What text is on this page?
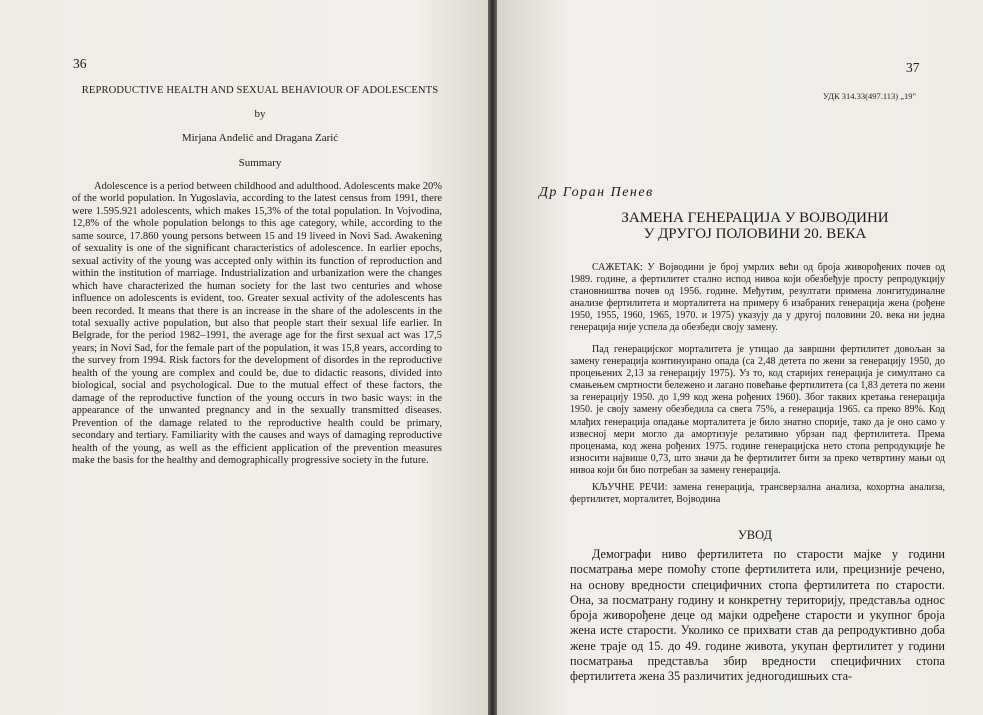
36
REPRODUCTIVE HEALTH AND SEXUAL BEHAVIOUR OF ADOLESCENTS
by
Mirjana Anđelić and Dragana Zarić
Summary

Adolescence is a period between childhood and adulthood. Adolescents make 20% of the world population. In Yugoslavia, according to the latest census from 1991, there were 1.595.921 adolescents, which makes 15,3% of the total population. In Vojvodina, 12,8% of the whole population belongs to this age category, while, according to the same source, 17.860 young persons between 15 and 19 liveed in Novi Sad. Awakening of sexuality is one of the significant characteristics of adolescence. In earlier epochs, sexual activity of the young was accepted only within its function of reproduction and within the institution of marriage. Industrialization and urbanization were the changes which have characterized the human society for the last two centuries and whose influence on adolescents is evident, too. Greater sexual activity of the adolescents has been recorded. It means that there is an increase in the share of the adolescents in the total sexually active population, but also that people start their sexual life earlier. In Belgrade, for the period 1982–1991, the average age for the first sexual act was 17,5 years; in Novi Sad, for the female part of the population, it was 15,8 years, according to the survey from 1994. Risk factors for the development of disordes in the reproductive health of the young are complex and could be, due to didactic reasons, divided into biological, social and psychological. Due to the mutual effect of these factors, the damage of the reproductive function of the young occurs in two basic ways: in the appearance of the unwanted pregnancy and in the sexually transmitted diseases. Prevention of the damage related to the reproductive health could be primary, secondary and tertiary. Familiarity with the causes and ways of damaging reproductive health of the young, as well as the efficient application of the prevention measures make the basis for the healthy and demographically progressive society in the future.

37
УДК 314.33(497.113) „19"
Др Горан Пенев
ЗАМЕНА ГЕНЕРАЦИЈА У ВОЈВОДИНИ
У ДРУГОЈ ПОЛОВИНИ 20. ВЕКА

САЖЕТАК: У Војводини је број умрлих већи од броја живорођених почев од 1989. године, а фертилитет стално испод нивоа који обезбеђује просту репродукцију становништва почев од 1956. године. Међутим, резултати примена лонгитудиналне анализе фертилитета и морталитета на примеру 6 изабраних генерација жена (рођене 1950, 1955, 1960, 1965, 1970. и 1975) указују да у другој половини 20. века ни једна генерација није успела да обезбеди своју замену.

Пад генерацијског морталитета је утицао да завршни фертилитет довољан за замену генерација континуирано опада (са 2,48 детета по жени за генерацију 1950, до процењених 2,13 за генерацију 1975). Уз то, код старијих генерација је симултано са смањењем смртности бележено и лагано повећање фертилитета (са 1,83 детета по жени за генерацију 1950. до 1,99 код жена рођених 1960). Због таквих кретања генерација 1950. је своју замену обезбедила са свега 75%, а генерација 1965. са преко 89%. Код млађих генерација опадање морталитета је било знатно спорије, тако да је оно само у извесној мери могло да амортизује релативно убрзан пад фертилитета. Према проценама, код жена рођених 1975. године генерацијска нето стопа репродукције ће износити највише 0,73, што значи да ће фертилитет бити за преко четвртину мањи од нивоа који би био потребан за замену генерација.

КЉУЧНЕ РЕЧИ: замена генерација, трансверзална анализа, кохортна анализа, фертилитет, морталитет, Војводина

УВОД

Демографи ниво фертилитета по старости мајке у години посматрања мере помоћу стопе фертилитета или, прецизније речено, на основу вредности специфичних стопа фертилитета по старости. Она, за посматрану годину и конкретну територију, представља однос броја живорођене деце од мајки одређене старости и укупног броја жена исте старости. Уколико се прихвати став да репродуктивно доба жене траје од 15. до 49. године живота, укупан фертилитет у години посматрања представља збир вредности специфичних стопа фертилитета жена 35 различитих једногодишњих ста-
